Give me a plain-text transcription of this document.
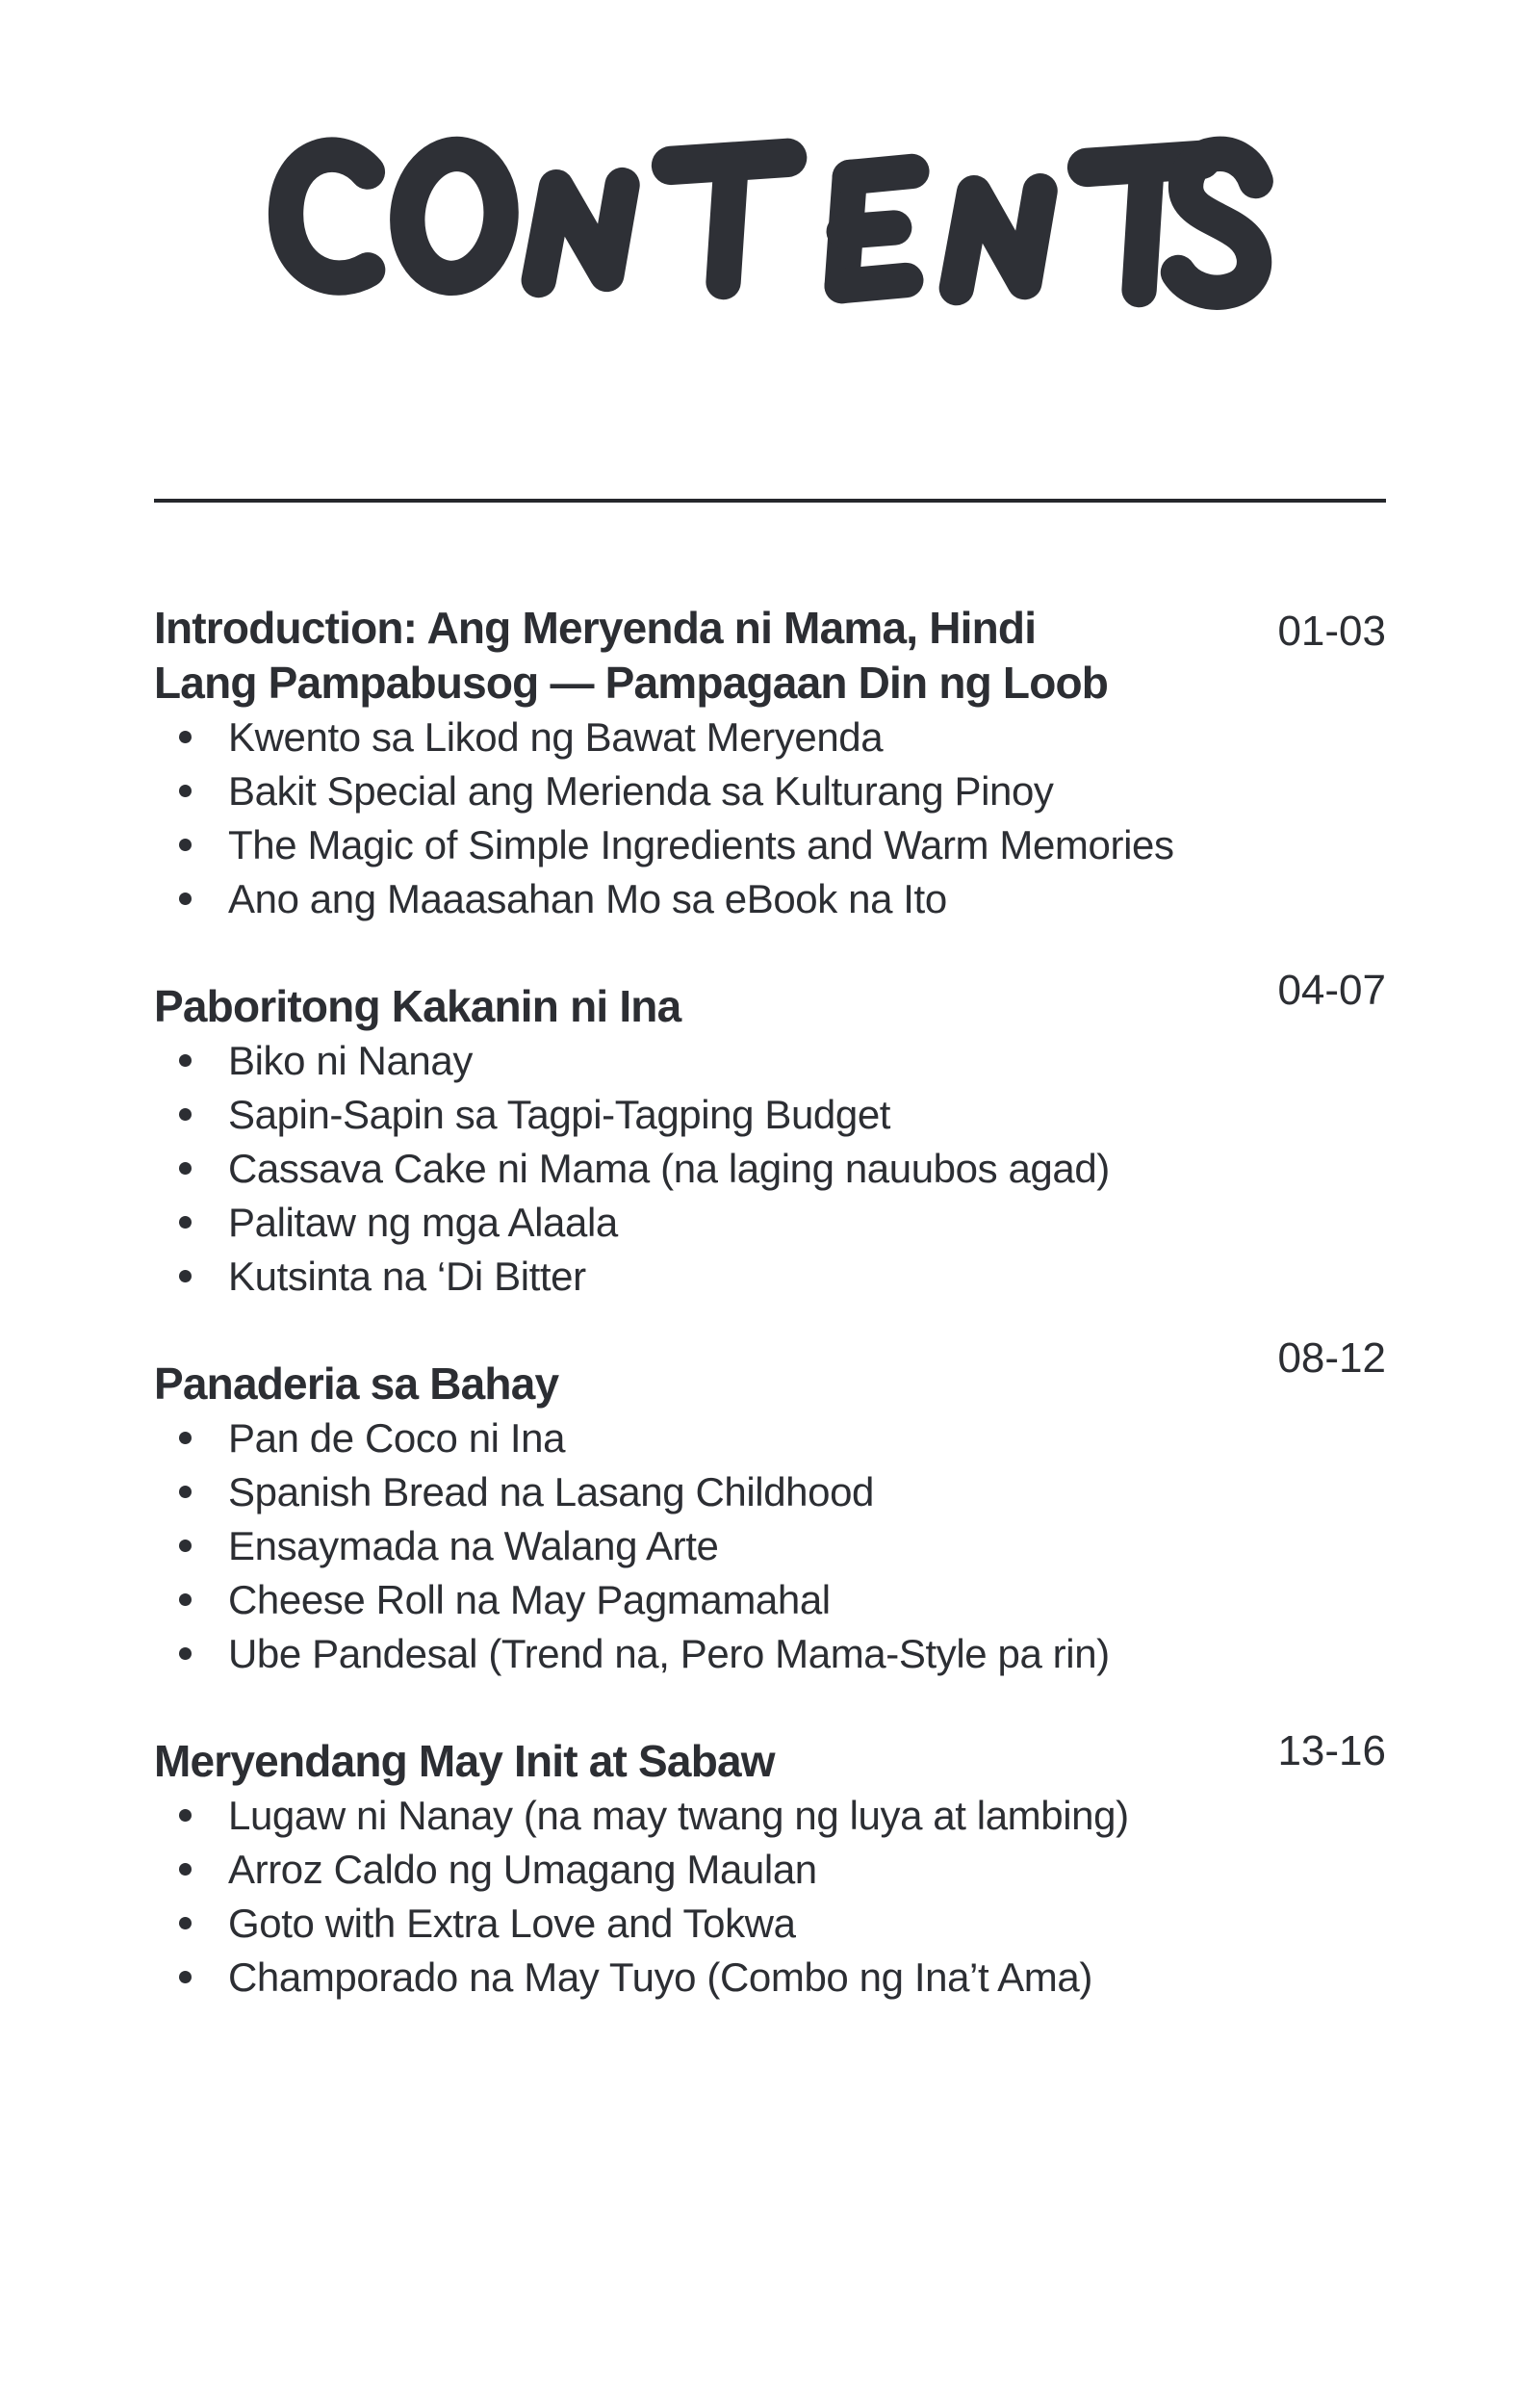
Introduction: Ang Meryenda ni Mama, Hindi Lang Pampabusog — Pampagaan Din ng Loob
Kwento sa Likod ng Bawat Meryenda
Bakit Special ang Merienda sa Kulturang Pinoy
The Magic of Simple Ingredients and Warm Memories
Ano ang Maaasahan Mo sa eBook na Ito
01-03
Paboritong Kakanin ni Ina
Biko ni Nanay
Sapin-Sapin sa Tagpi-Tagping Budget
Cassava Cake ni Mama (na laging nauubos agad)
Palitaw ng mga Alaala
Kutsinta na ‘Di Bitter
04-07
Panaderia sa Bahay
Pan de Coco ni Ina
Spanish Bread na Lasang Childhood
Ensaymada na Walang Arte
Cheese Roll na May Pagmamahal
Ube Pandesal (Trend na, Pero Mama-Style pa rin)
08-12
Meryendang May Init at Sabaw
Lugaw ni Nanay (na may twang ng luya at lambing)
Arroz Caldo ng Umagang Maulan
Goto with Extra Love and Tokwa
Champorado na May Tuyo (Combo ng Ina’t Ama)
13-16
